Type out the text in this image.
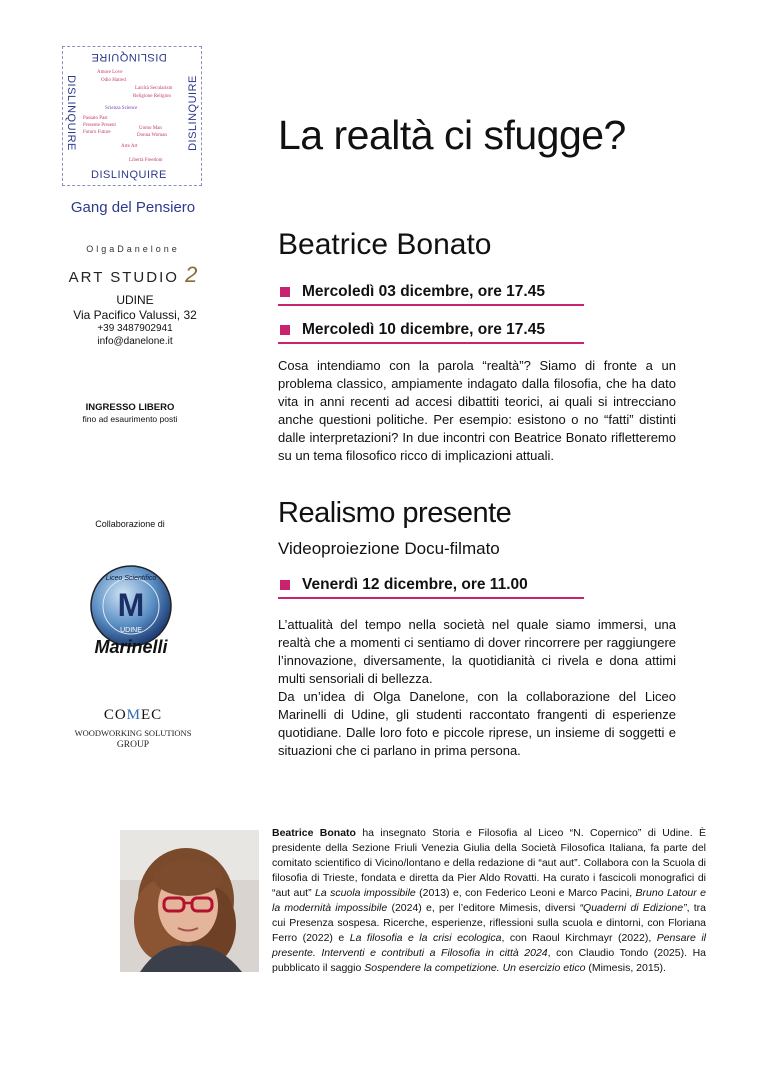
DISLINQUIRE
DISLINQUIRE
DISLINQUIRE	DISLINQUIRE
Amore Love
Odio Hatred
Laicità Secularism
Religione Religion
Scienza Science
Passato Past
Presente Present
Futuro Future
Uomo Man
Donna Woman
Arte Art
Libertà Freedom
Gang del Pensiero
OlgaDanelone
ART STUDIO 2
UDINE
Via Pacifico Valussi, 32
+39 3487902941
info@danelone.it
INGRESSO LIBERO
fino ad esaurimento posti
Collaborazione di
M
Liceo Scientifico
UDINE
Marinelli
COMEC
WOODWORKING SOLUTIONS
GROUP
La realtà ci sfugge?
Beatrice Bonato
Mercoledì 03 dicembre, ore 17.45
Mercoledì 10 dicembre, ore 17.45
Cosa intendiamo con la parola “realtà”? Siamo di fronte a un problema classico, ampiamente indagato dalla filosofia, che ha dato vita in anni recenti ad accesi dibattiti teorici, ai quali si intrecciano anche questioni politiche. Per esempio: esistono o no “fatti” distinti dalle interpretazioni? In due incontri con Beatrice Bonato rifletteremo su un tema filosofico ricco di implicazioni attuali.
Realismo presente
Videoproiezione Docu-filmato
Venerdì 12 dicembre, ore 11.00
L’attualità del tempo nella società nel quale siamo immersi, una realtà che a momenti ci sentiamo di dover rincorrere per raggiungere l’innovazione, diversamente, la quotidianità ci rivela e dona attimi multi sensoriali di bellezza.
Da un’idea di Olga Danelone, con la collaborazione del Liceo Marinelli di Udine, gli studenti raccontato frangenti di esperienze quotidiane. Dalle loro foto e piccole riprese, un insieme di soggetti e situazioni che ci parlano in prima persona.
Beatrice Bonato ha insegnato Storia e Filosofia al Liceo “N. Copernico” di Udine. È presidente della Sezione Friuli Venezia Giulia della Società Filosofica Italiana, fa parte del comitato scientifico di Vicino/lontano e della redazione di “aut aut”. Collabora con la Scuola di filosofia di Trieste, fondata e diretta da Pier Aldo Rovatti. Ha curato i fascicoli monografici di “aut aut” La scuola impossibile (2013) e, con Federico Leoni e Marco Pacini, Bruno Latour e la modernità impossibile (2024) e, per l’editore Mimesis, diversi “Quaderni di Edizione”, tra cui Presenza sospesa. Ricerche, esperienze, riflessioni sulla scuola e dintorni, con Floriana Ferro (2022) e La filosofia e la crisi ecologica, con Raoul Kirchmayr (2022), Pensare il presente. Interventi e contributi a Filosofia in città 2024, con Claudio Tondo (2025). Ha pubblicato il saggio Sospendere la competizione. Un esercizio etico (Mimesis, 2015).
